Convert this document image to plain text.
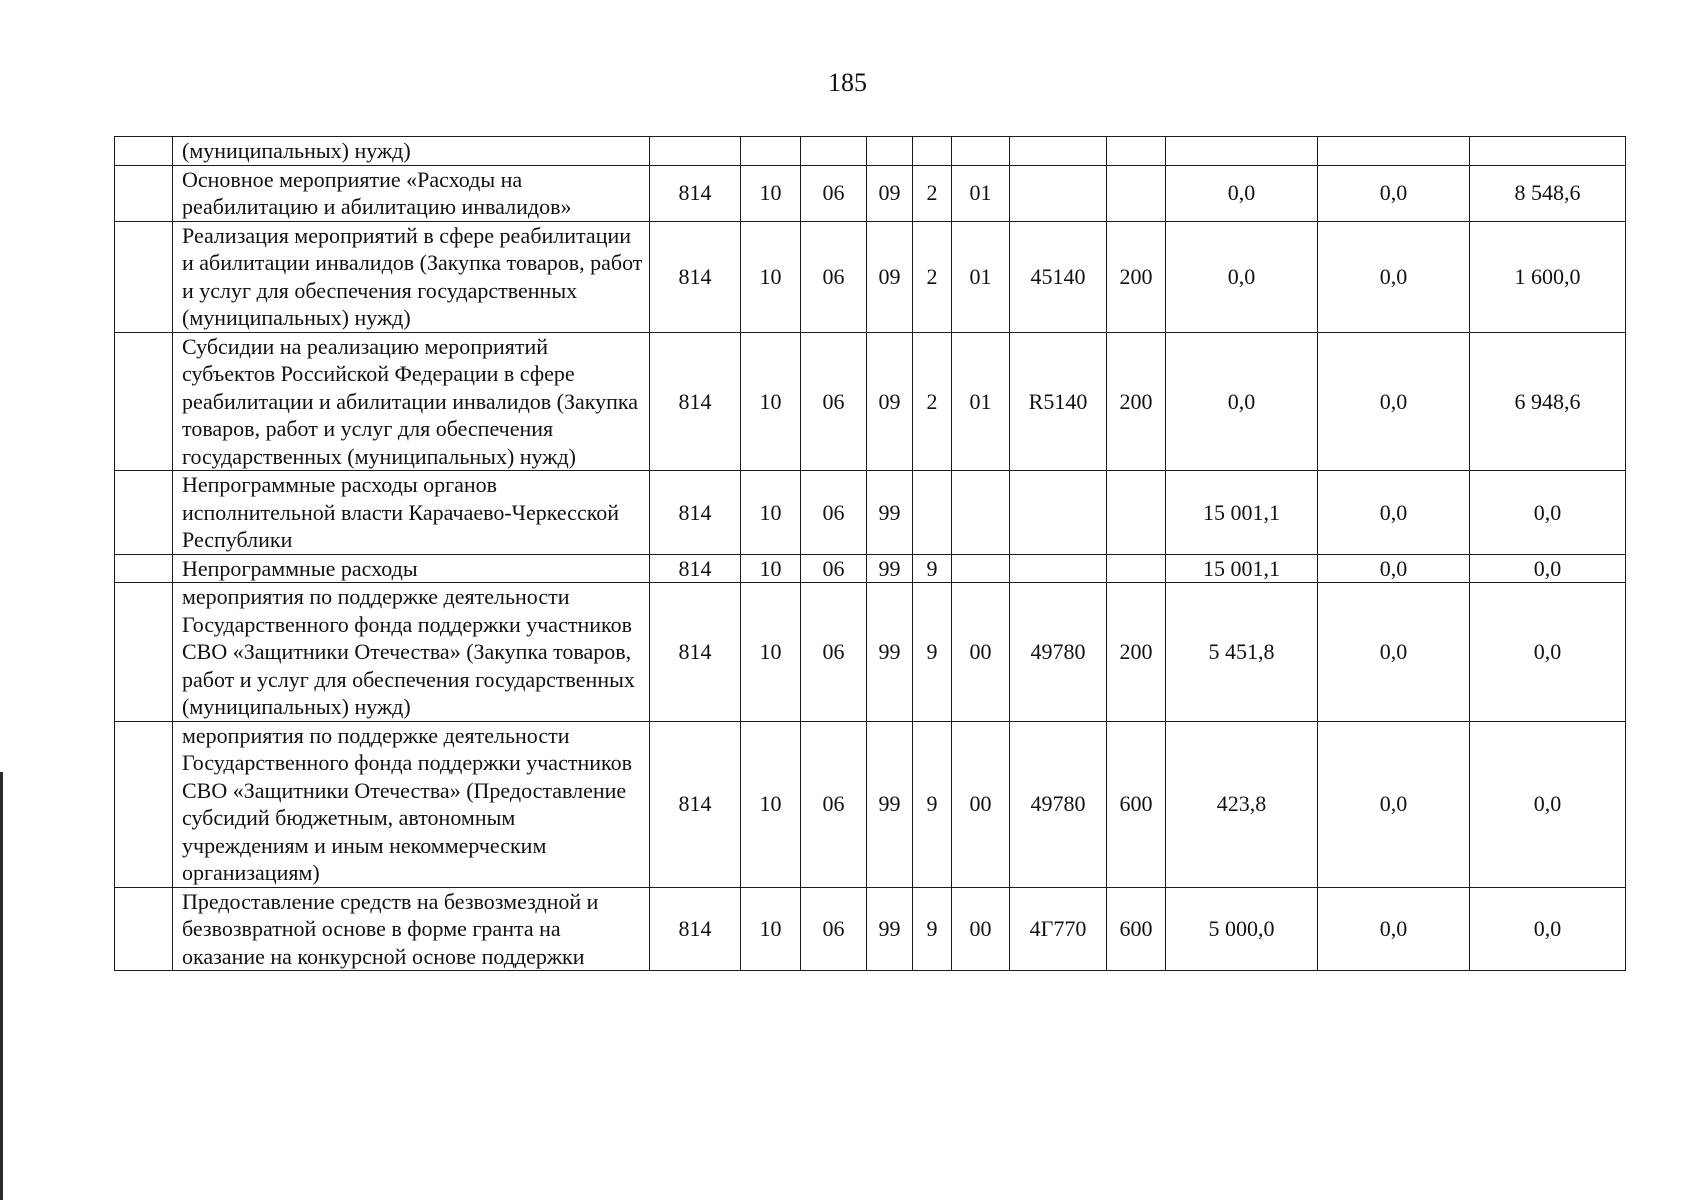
185
	(муниципальных) нужд)											
	Основное мероприятие «Расходы на реабилитацию и абилитацию инвалидов»	814	10	06	09	2	01			0,0	0,0	8 548,6
	Реализация мероприятий в сфере реабилитации и абилитации инвалидов (Закупка товаров, работ и услуг для обеспечения государственных (муниципальных) нужд)	814	10	06	09	2	01	45140	200	0,0	0,0	1 600,0
	Субсидии на реализацию мероприятий субъектов Российской Федерации в сфере реабилитации и абилитации инвалидов (Закупка товаров, работ и услуг для обеспечения государственных (муниципальных) нужд)	814	10	06	09	2	01	R5140	200	0,0	0,0	6 948,6
	Непрограммные расходы органов исполнительной власти Карачаево-Черкесской Республики	814	10	06	99					15 001,1	0,0	0,0
	Непрограммные расходы	814	10	06	99	9				15 001,1	0,0	0,0
	мероприятия по поддержке деятельности Государственного фонда поддержки участников СВО «Защитники Отечества» (Закупка товаров, работ и услуг для обеспечения государственных (муниципальных) нужд)	814	10	06	99	9	00	49780	200	5 451,8	0,0	0,0
	мероприятия по поддержке деятельности Государственного фонда поддержки участников СВО «Защитники Отечества» (Предоставление субсидий бюджетным, автономным учреждениям и иным некоммерческим организациям)	814	10	06	99	9	00	49780	600	423,8	0,0	0,0
	Предоставление средств на безвозмездной и безвозвратной основе в форме гранта на оказание на конкурсной основе поддержки	814	10	06	99	9	00	4Г770	600	5 000,0	0,0	0,0
